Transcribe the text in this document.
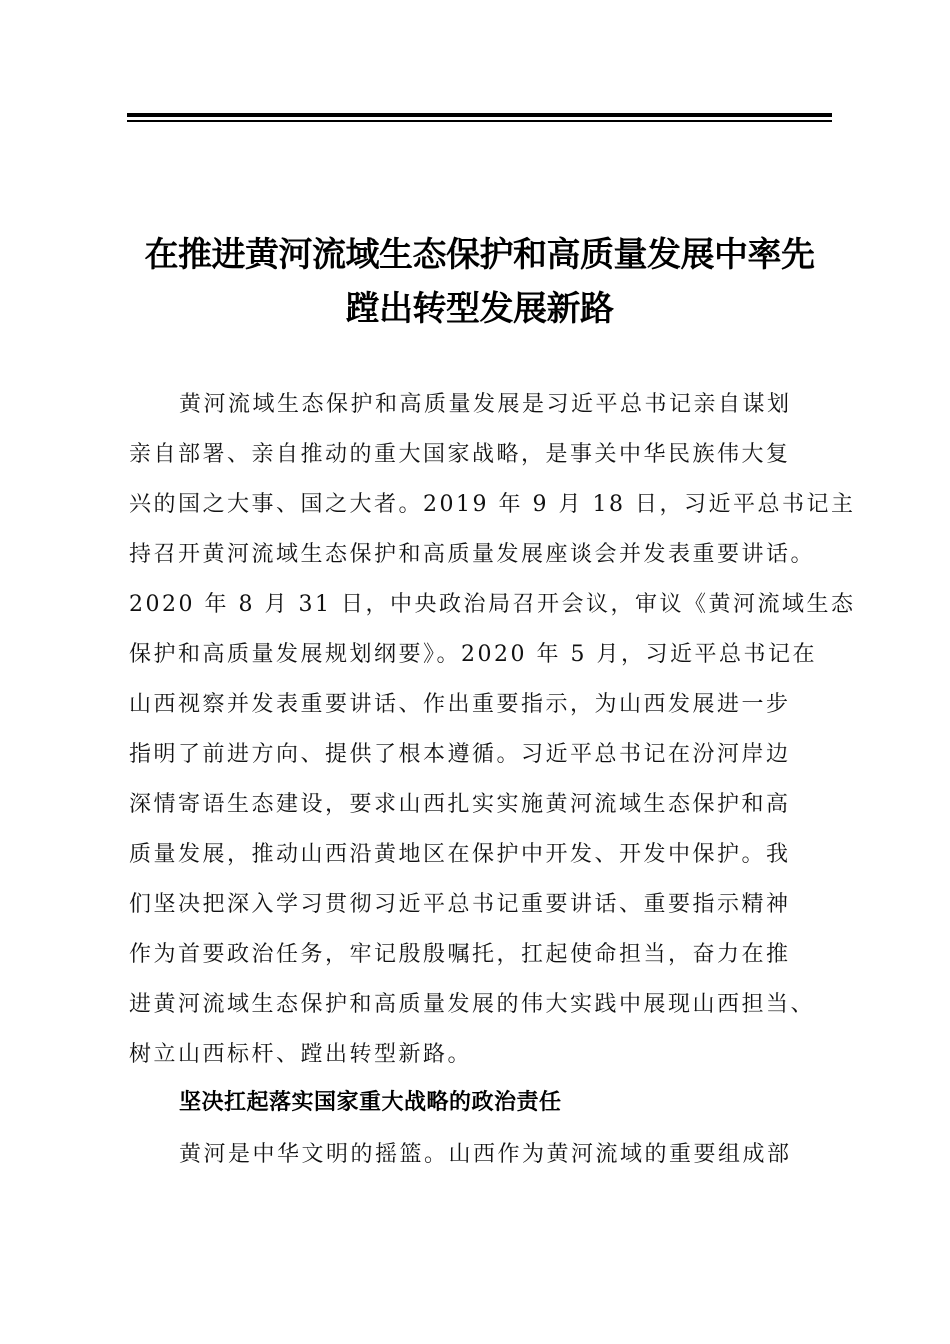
在推进黄河流域生态保护和高质量发展中率先
蹚出转型发展新路
黄河流域生态保护和高质量发展是习近平总书记亲自谋划
亲自部署、亲自推动的重大国家战略，是事关中华民族伟大复
兴的国之大事、国之大者。2019 年 9 月 18 日，习近平总书记主
持召开黄河流域生态保护和高质量发展座谈会并发表重要讲话。
2020 年 8 月 31 日，中央政治局召开会议，审议《黄河流域生态
保护和高质量发展规划纲要》。2020 年 5 月，习近平总书记在
山西视察并发表重要讲话、作出重要指示，为山西发展进一步
指明了前进方向、提供了根本遵循。习近平总书记在汾河岸边
深情寄语生态建设，要求山西扎实实施黄河流域生态保护和高
质量发展，推动山西沿黄地区在保护中开发、开发中保护。我
们坚决把深入学习贯彻习近平总书记重要讲话、重要指示精神
作为首要政治任务，牢记殷殷嘱托，扛起使命担当，奋力在推
进黄河流域生态保护和高质量发展的伟大实践中展现山西担当、
树立山西标杆、蹚出转型新路。
坚决扛起落实国家重大战略的政治责任
黄河是中华文明的摇篮。山西作为黄河流域的重要组成部
